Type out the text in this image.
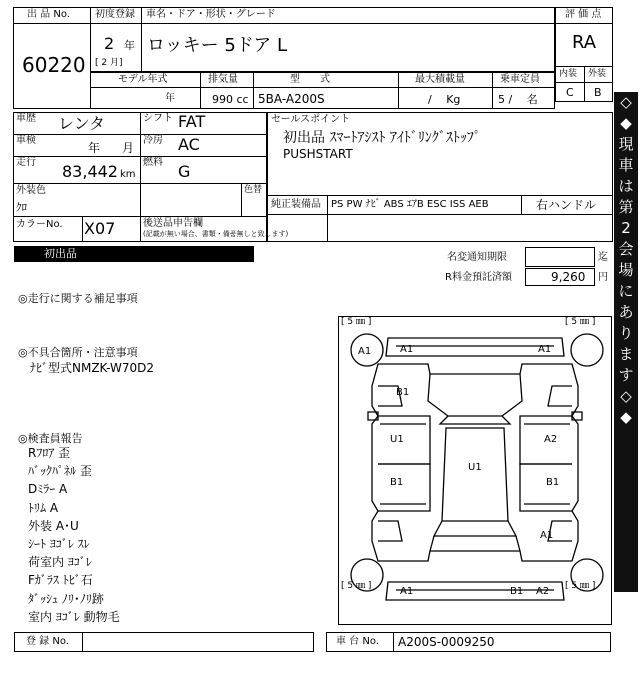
出 品 No.
60220
初度登録 車名・ドア・形状・グレード
2 年
[ 2 月]
ロッキー 5ドア L
評 価 点
RA
内装 外装
C B
モデル年式	排気量	型　　式	最大積載量	乗車定員
年	990 cc 5BA-A200S	/　 Kg	5 /　 名
車歴 レンタ	シフト FAT
車検
年 月
冷房 AC
走行 83,442 km
燃料 G
外装色
ｸﾛ
色替
カラーNo. X07	後送品申告欄
(記載が無い場合、書類・備품無しと致します)
セールスポイント
初出品 ｽﾏｰﾄｱｼｽﾄ ｱｲﾄﾞﾘﾝｸﾞｽﾄｯﾌﾟ
PUSHSTART
純正装備品 PS PW ﾅﾋﾞ ABS ｴｱB ESC ISS AEB	右ハンドル
初出品	名変通知期限	迄
R料金預託済額	9,260 円
◎走行に関する補足事項
◎不具合箇所・注意事項
ﾅﾋﾞ型式NMZK-W70D2
◎検査員報告
Rﾌﾛｱ 歪
ﾊﾞｯｸﾊﾟﾈﾙ 歪
Dﾐﾗｰ A
ﾄﾘﾑ A
外装 A･U
ｼｰﾄ ﾖｺﾞﾚ ｽﾚ
荷室内 ﾖｺﾞﾚ
Fｶﾞﾗｽ ﾄﾋﾞ石
ﾀﾞｯｼｭ ﾉﾘ･ﾉﾘ跡
室内 ﾖｺﾞﾚ 動物毛
[ 5 ㎜ ]	[ 5 ㎜ ]
[ 5 ㎜ ]	[ 5 ㎜ ]
A1	A1	A1
B1
U1
B1
U1
A2
B1
A1
A1	B1 A2
登 録 No.	車 台 No. A200S-0009250
◇
◆
現
車
は
第
2
会
場
に
あ
り
ま
す
◇
◆
